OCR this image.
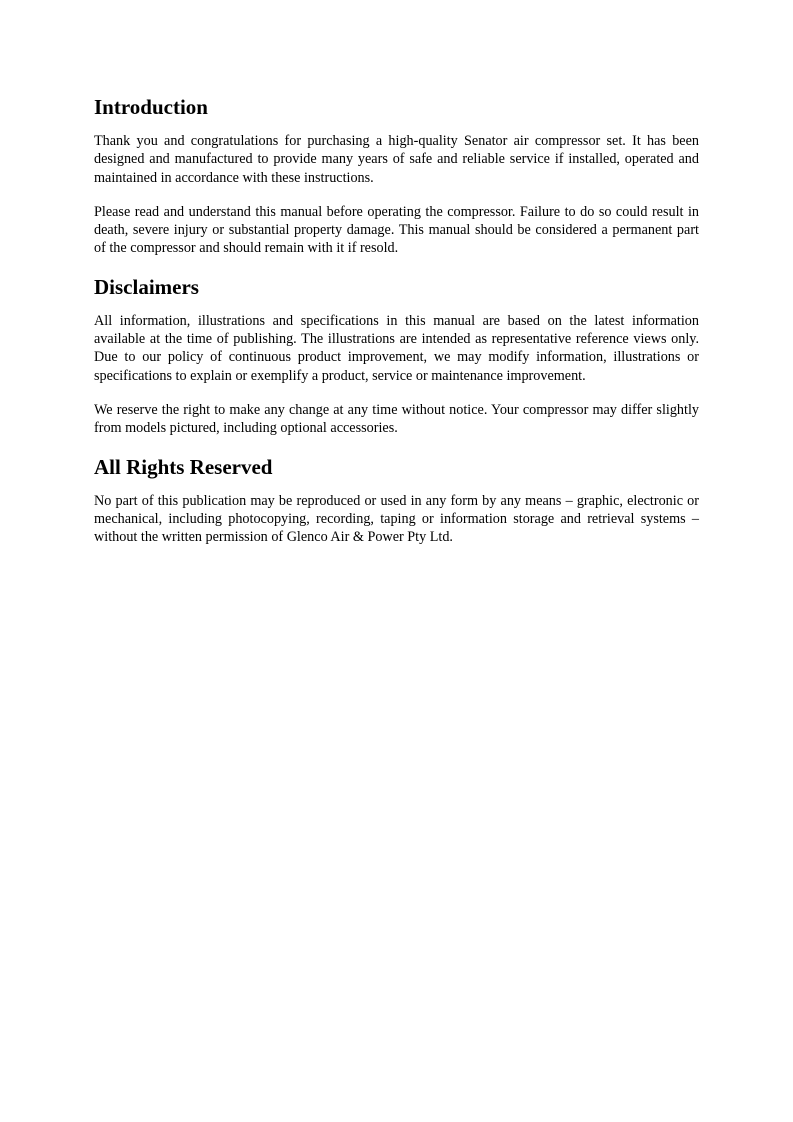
Introduction

Thank you and congratulations for purchasing a high-quality Senator air compressor set. It has been designed and manufactured to provide many years of safe and reliable service if installed, operated and maintained in accordance with these instructions.

Please read and understand this manual before operating the compressor. Failure to do so could result in death, severe injury or substantial property damage. This manual should be considered a permanent part of the compressor and should remain with it if resold.

Disclaimers

All information, illustrations and specifications in this manual are based on the latest information available at the time of publishing. The illustrations are intended as representative reference views only. Due to our policy of continuous product improvement, we may modify information, illustrations or specifications to explain or exemplify a product, service or maintenance improvement.

We reserve the right to make any change at any time without notice. Your compressor may differ slightly from models pictured, including optional accessories.

All Rights Reserved

No part of this publication may be reproduced or used in any form by any means – graphic, electronic or mechanical, including photocopying, recording, taping or information storage and retrieval systems – without the written permission of Glenco Air & Power Pty Ltd.
